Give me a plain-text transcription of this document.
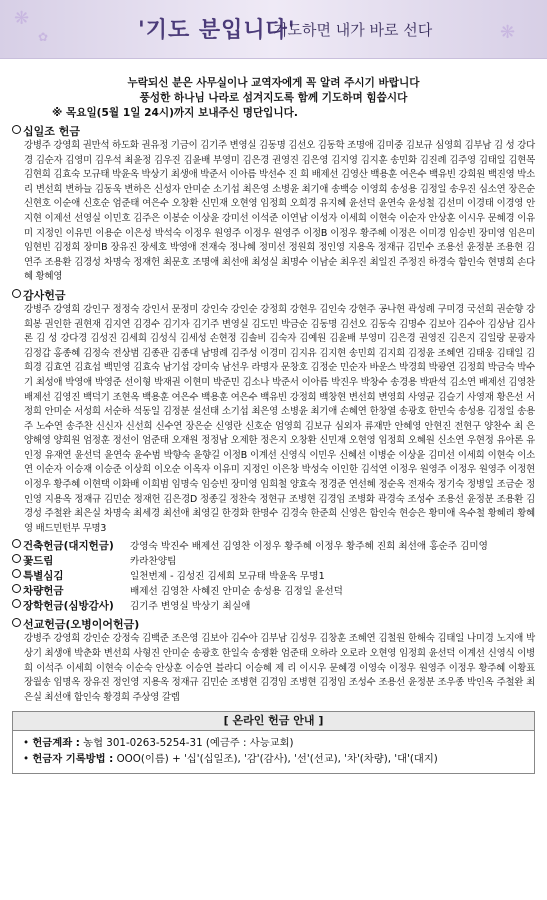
❋
✿	❋
'기도 분입니다'
기도하면 내가 바로 선다
누락되신 분은 사무실이나 교역자에게 꼭 알려 주시기 바랍니다
풍성한 하나님 나라로 섬겨지도록 함께 기도하며 힘씁시다
※ 목요일(5월 1일 24시)까지 보내주신 명단입니다.
십일조 헌금
강병주 강영희 권만석 하도화 권유정 기금이 김기주 변영실 김동명 김선오 김동학 조명애 김미중 김보규 심영희 김부남 김 성 강다경 김순자 김영미 김우석 최윤정 김우진 김윤배 부영미 김은경 권영진 김은영 김지영 김지훈 송민화 김진례 김주영 김태일 김현목 김현희 김효숙 모규태 박윤옥 박상기 최생애 박준서 이아름 박선수 진 희 배제선 김영산 백용훈 여은수 백유빈 강희원 백진영 박소리 변선희 변하늘 김동욱 변하은 신성자 안미순 소기섭 최은영 소병윤 최기애 송백승 이영희 송성용 김정일 송우진 심소연 장은순 신현호 이순애 신호순 엄준태 여은수 오창환 신민재 오현영 임정희 오희경 유지혜 윤선덕 윤연숙 윤성철 김선미 이경태 이경영 안지현 이제선 선영실 이민호 김주은 이봉순 이상윤 강미선 이석준 이연남 이성자 이세희 이현숙 이순자 안상훈 이시우 문혜경 이유미 지정인 이유민 이용순 이은성 박석숙 이정우 원영주 이정우 원영주 이정B 이정우 황주혜 이정은 이미경 임승빈 장미영 임은미 임현빈 김정희 장미B 장유진 장세호 박영애 전재숙 정나혜 정미선 정원희 정인영 지용옥 정재규 김민수 조용선 윤정분 조용현 김연주 조용환 김경성 차명숙 정재헌 최문호 조명애 최선애 최성실 최명수 이남순 최우진 최일진 주정진 하경숙 함인숙 현명희 손다혜 황혜영
감사헌금
강병주 강영희 강인구 정정숙 강인서 문정미 강인숙 강인순 강정희 강현우 김인숙 강현주 공나현 곽성례 구미경 국선희 권순향 강희봉 권인한 권현재 김지연 김경수 김기자 김기주 변영실 김도민 박금순 김동명 김선오 김동숙 김명수 김보아 김수아 김상남 김사론 김 성 강다경 김성진 김세희 김성식 김세성 손현정 김솔비 김숙자 김예원 김윤배 부영미 김은경 권영진 김은지 김일랑 문광자 김정갑 홍종혜 김정숙 전상범 김종관 김종대 남명례 김주성 이경미 김지유 김지현 송민희 김지희 김정윤 조혜연 김태웅 김태일 김희경 김효연 김효섭 백민영 김효숙 남기섭 강미숙 남선우 라명자 문창호 김정순 민순자 바운스 박경희 박광연 김정희 박금숙 박수기 최성애 박영애 박영준 선이형 박재권 이현미 박준민 김소나 박준서 이아름 박진우 박창수 송경용 박판석 김소연 배제선 김영찬 배제선 김영진 백덕기 조현옥 백용훈 여은수 백용훈 여은수 백유빈 강정희 백창현 변선희 변영희 사영균 김슬기 사영재 황은선 서정희 안미순 서성희 서순하 석동일 김정분 설선태 소기섭 최은영 소병윤 최기애 손혜연 한창열 송광호 한민숙 송성용 김정일 송용주 노수연 송주찬 신신자 신선희 신수연 장은순 신영란 신호순 엄영희 김보규 심외자 류재만 안혜영 안현진 전현구 양찬수 최 은 양해영 양희원 엄정훈 정선이 엄준태 오재원 정정남 오제한 정은지 오창환 신민재 오현영 임정희 오혜원 신소연 우현정 유아론 유인정 유재연 윤선덕 윤연숙 윤수범 박향숙 윤향길 이정B 이계선 신영식 이민우 신혜선 이병순 이상윤 김미선 이세희 이현숙 이소연 이순자 이승재 이승준 이상희 이오순 이옥자 이유미 지정인 이은창 박성숙 이인한 김석연 이정우 원영주 이정우 원영주 이정현 이정우 황주혜 이현택 이화배 이희범 임명숙 임승빈 장미영 임희철 양효숙 정경준 연선혜 정순옥 전재숙 정기숙 정병일 조금순 정인영 지용옥 정재규 김민순 정재헌 김은경D 정종길 정찬숙 정현규 조병현 김경임 조병화 곽경숙 조성수 조용선 윤정분 조용환 김경성 주철완 최은실 차명숙 최세경 최선애 최영길 한경화 한명수 김경숙 한준희 신영은 함인숙 현승은 황미애 옥수철 황혜리 황혜영 배드민턴부 무명3
건축헌금(대지헌금)	강영숙 박진수 배제선 김영찬 이정우 황주혜 이정우 황주혜 진희 최선애 홍순주 김미영
꽃드림	카라찬양팀
특별심김	일천번제 - 김성진 김세희 모규태 박윤옥 무명1
차량헌금	배제선 김영찬 사혜진 안미순 송성용 김정일 윤선덕
장학헌금(심방감사)	김기주 변영실 박상기 최실애
선교헌금(오병이어헌금)
강병주 강영희 강인순 강정숙 김백준 조은영 김보아 김수아 김부남 김성우 김창훈 조혜연 김철원 한해숙 김태일 나미경 노지애 박상기 최생애 박춘화 변선희 사형진 안미순 송광호 한일숙 송쟁환 엄준태 오하라 오로라 오현영 임정희 윤선덕 이계선 신영식 이병희 이석주 이세희 이현숙 이순숙 안상훈 이승연 블라디 이승혜 제 리 이시우 문혜경 이영숙 이정우 원영주 이정우 황주혜 이황표 장월송 임명옥 장유진 정인영 지용옥 정재규 김민순 조병현 김경임 조병현 김정임 조성수 조용선 윤정분 조우종 박인옥 주철완 최은실 최선애 함인숙 황경희 주상영 갈렙
[ 온라인 헌금 안내 ]
• 헌금계좌 : 농협 301-0263-5254-31 (예금주 : 사능교회)
• 헌금자 기록방법 : OOO(이름) + '십'(십일조), '감'(감사), '선'(선교), '차'(차량), '대'(대지)
